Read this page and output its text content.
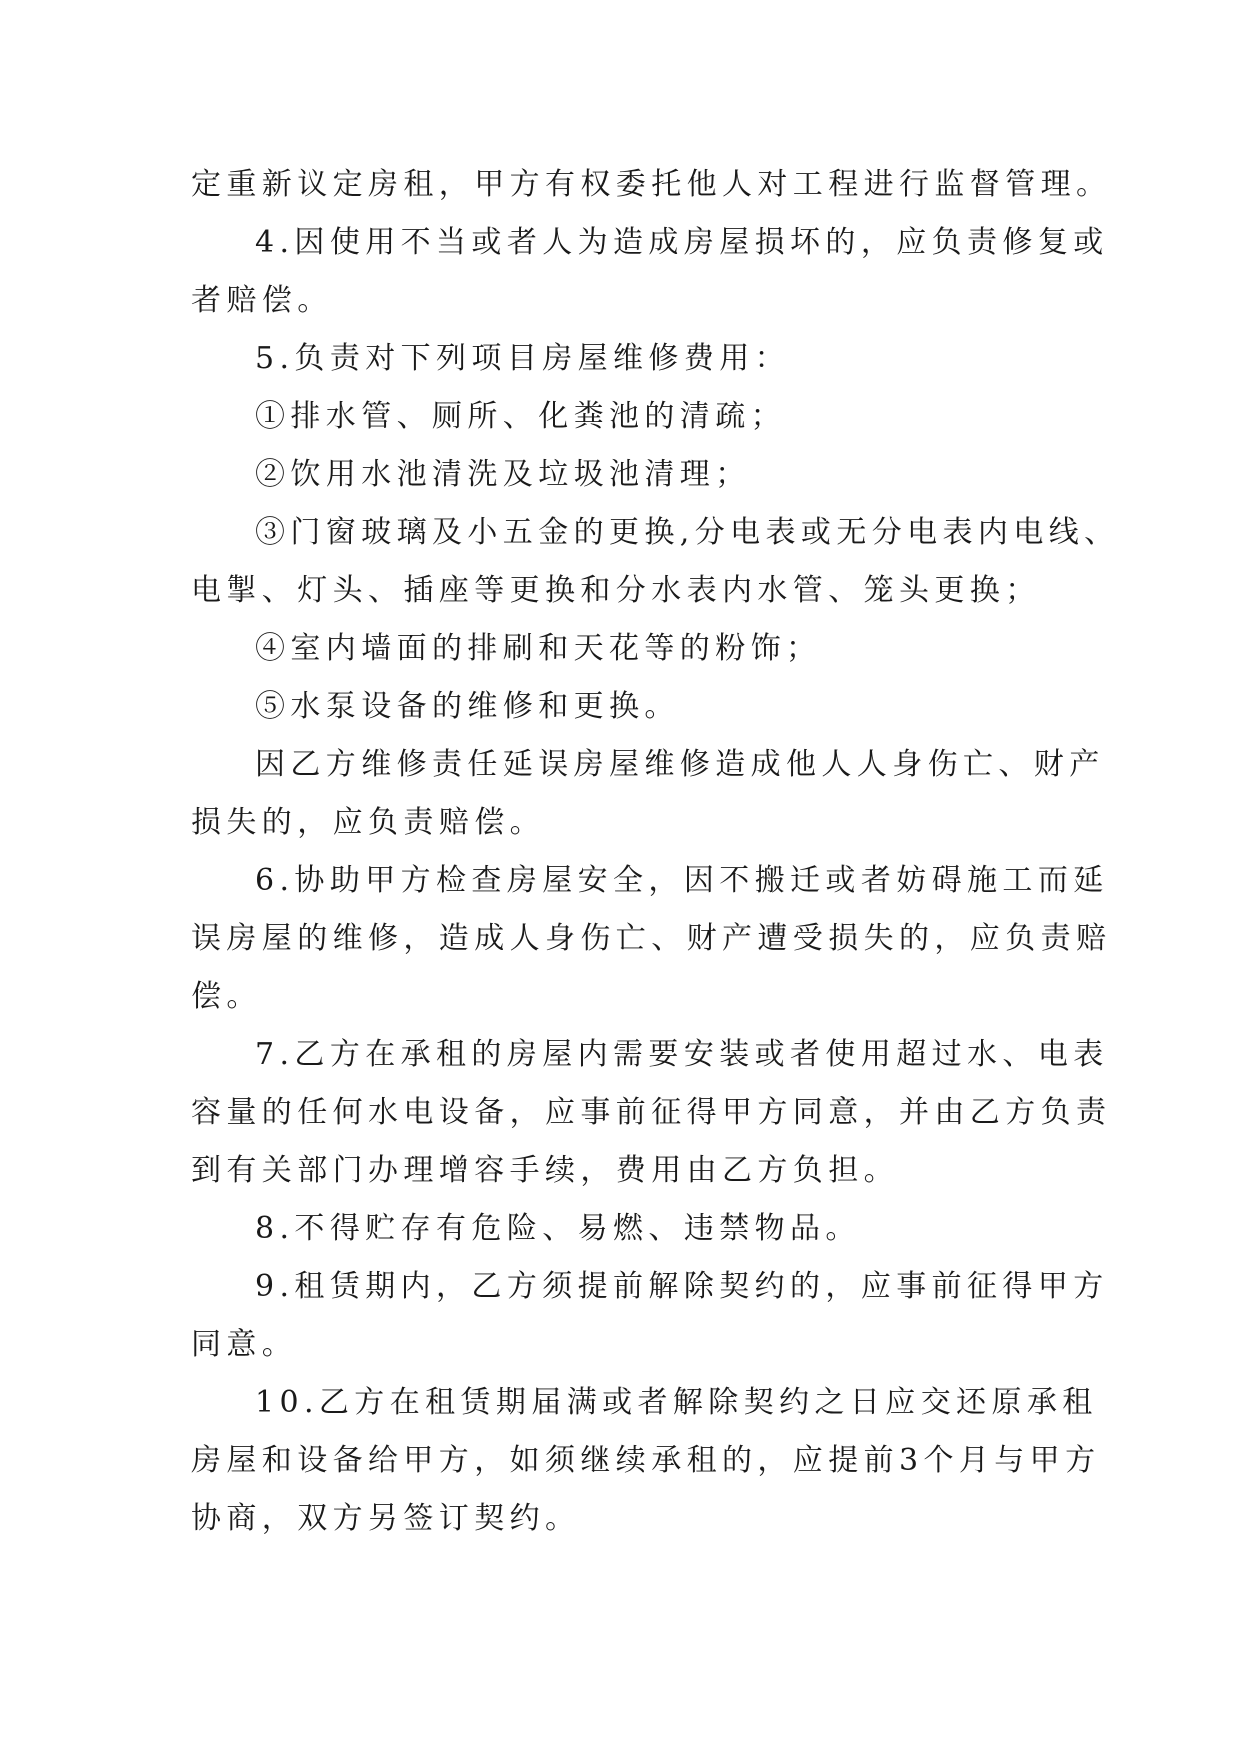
定重新议定房租，甲方有权委托他人对工程进行监督管理。
4.因使用不当或者人为造成房屋损坏的，应负责修复或
者赔偿。
5.负责对下列项目房屋维修费用：
①排水管、厕所、化粪池的清疏；
②饮用水池清洗及垃圾池清理；
③门窗玻璃及小五金的更换,分电表或无分电表内电线、
电掣、灯头、插座等更换和分水表内水管、笼头更换；
④室内墙面的排刷和天花等的粉饰；
⑤水泵设备的维修和更换。
因乙方维修责任延误房屋维修造成他人人身伤亡、财产
损失的，应负责赔偿。
6.协助甲方检查房屋安全，因不搬迁或者妨碍施工而延
误房屋的维修，造成人身伤亡、财产遭受损失的，应负责赔
偿。
7.乙方在承租的房屋内需要安装或者使用超过水、电表
容量的任何水电设备，应事前征得甲方同意，并由乙方负责
到有关部门办理增容手续，费用由乙方负担。
8.不得贮存有危险、易燃、违禁物品。
9.租赁期内，乙方须提前解除契约的，应事前征得甲方
同意。
10.乙方在租赁期届满或者解除契约之日应交还原承租
房屋和设备给甲方，如须继续承租的，应提前3个月与甲方
协商，双方另签订契约。
